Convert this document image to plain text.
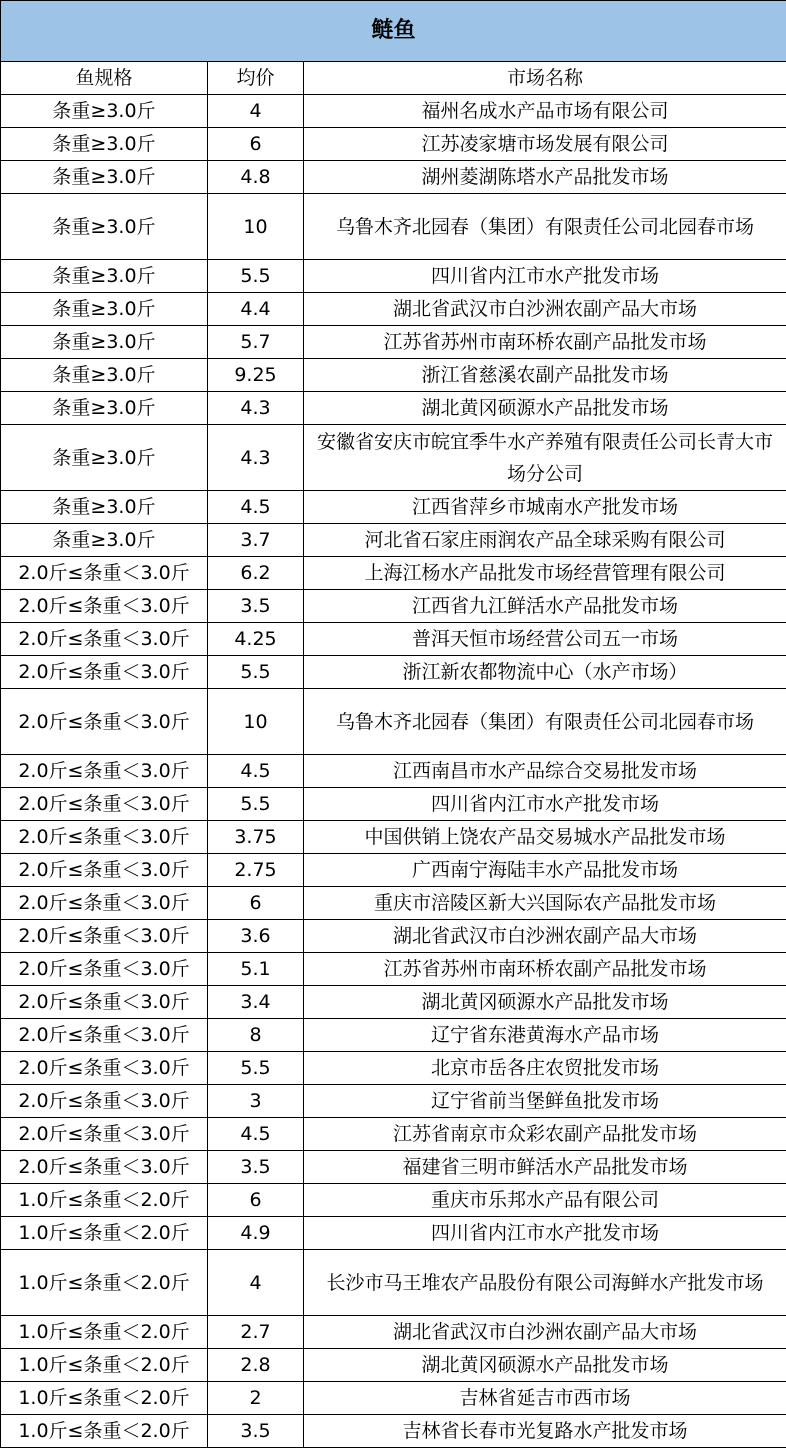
鲢鱼		
鱼规格	均价	市场名称
条重≥3.0斤	4	福州名成水产品市场有限公司
条重≥3.0斤	6	江苏凌家塘市场发展有限公司
条重≥3.0斤	4.8	湖州菱湖陈塔水产品批发市场
条重≥3.0斤	10	乌鲁木齐北园春（集团）有限责任公司北园春市场
条重≥3.0斤	5.5	四川省内江市水产批发市场
条重≥3.0斤	4.4	湖北省武汉市白沙洲农副产品大市场
条重≥3.0斤	5.7	江苏省苏州市南环桥农副产品批发市场
条重≥3.0斤	9.25	浙江省慈溪农副产品批发市场
条重≥3.0斤	4.3	湖北黄冈硕源水产品批发市场
条重≥3.0斤	4.3	安徽省安庆市皖宜季牛水产养殖有限责任公司长青大市场分公司
条重≥3.0斤	4.5	江西省萍乡市城南水产批发市场
条重≥3.0斤	3.7	河北省石家庄雨润农产品全球采购有限公司
2.0斤≤条重＜3.0斤	6.2	上海江杨水产品批发市场经营管理有限公司
2.0斤≤条重＜3.0斤	3.5	江西省九江鲜活水产品批发市场
2.0斤≤条重＜3.0斤	4.25	普洱天恒市场经营公司五一市场
2.0斤≤条重＜3.0斤	5.5	浙江新农都物流中心（水产市场）
2.0斤≤条重＜3.0斤	10	乌鲁木齐北园春（集团）有限责任公司北园春市场
2.0斤≤条重＜3.0斤	4.5	江西南昌市水产品综合交易批发市场
2.0斤≤条重＜3.0斤	5.5	四川省内江市水产批发市场
2.0斤≤条重＜3.0斤	3.75	中国供销上饶农产品交易城水产品批发市场
2.0斤≤条重＜3.0斤	2.75	广西南宁海陆丰水产品批发市场
2.0斤≤条重＜3.0斤	6	重庆市涪陵区新大兴国际农产品批发市场
2.0斤≤条重＜3.0斤	3.6	湖北省武汉市白沙洲农副产品大市场
2.0斤≤条重＜3.0斤	5.1	江苏省苏州市南环桥农副产品批发市场
2.0斤≤条重＜3.0斤	3.4	湖北黄冈硕源水产品批发市场
2.0斤≤条重＜3.0斤	8	辽宁省东港黄海水产品市场
2.0斤≤条重＜3.0斤	5.5	北京市岳各庄农贸批发市场
2.0斤≤条重＜3.0斤	3	辽宁省前当堡鲜鱼批发市场
2.0斤≤条重＜3.0斤	4.5	江苏省南京市众彩农副产品批发市场
2.0斤≤条重＜3.0斤	3.5	福建省三明市鲜活水产品批发市场
1.0斤≤条重＜2.0斤	6	重庆市乐邦水产品有限公司
1.0斤≤条重＜2.0斤	4.9	四川省内江市水产批发市场
1.0斤≤条重＜2.0斤	4	长沙市马王堆农产品股份有限公司海鲜水产批发市场
1.0斤≤条重＜2.0斤	2.7	湖北省武汉市白沙洲农副产品大市场
1.0斤≤条重＜2.0斤	2.8	湖北黄冈硕源水产品批发市场
1.0斤≤条重＜2.0斤	2	吉林省延吉市西市场
1.0斤≤条重＜2.0斤	3.5	吉林省长春市光复路水产批发市场
